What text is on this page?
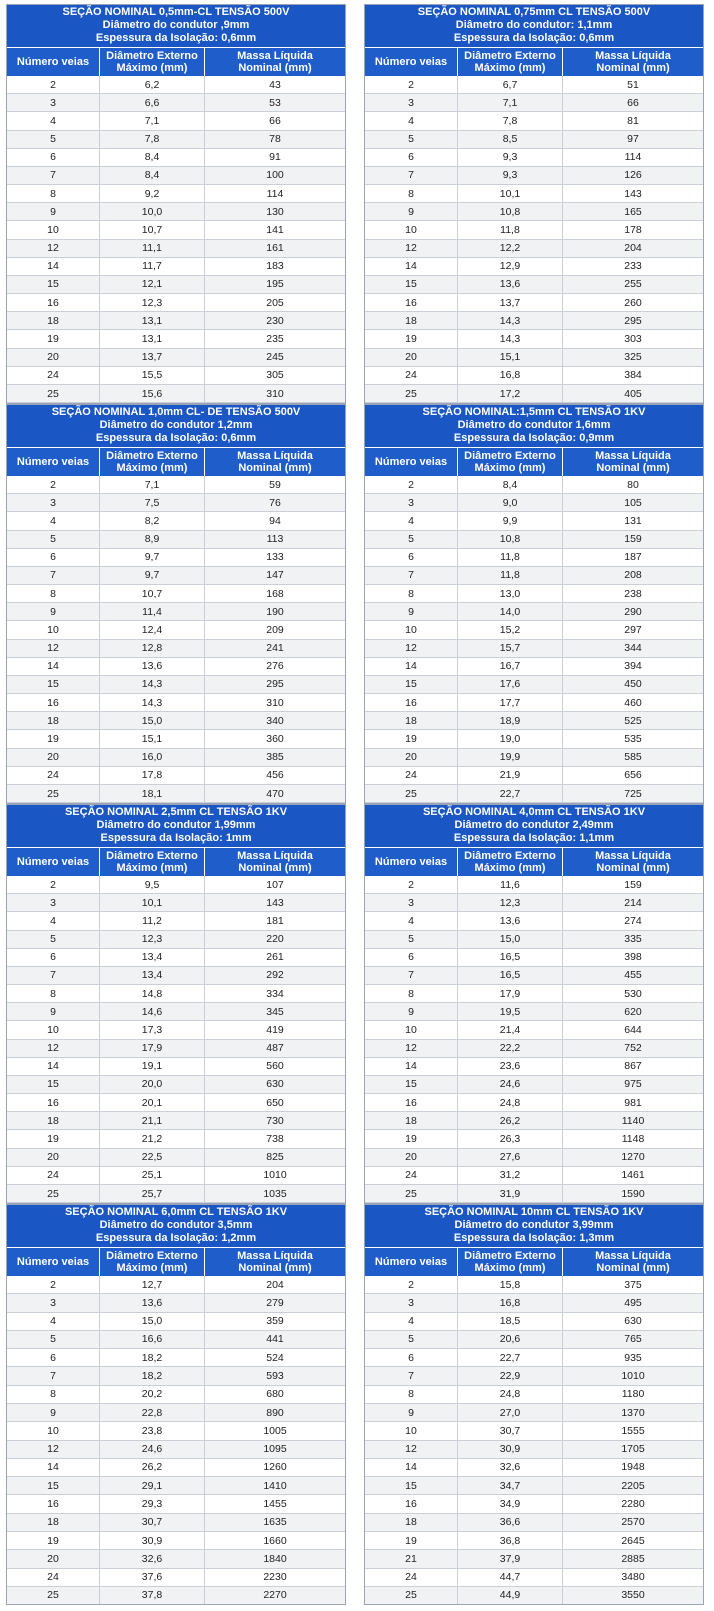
SEÇÃO NOMINAL 0,5mm-CL TENSÃO 500V
Diâmetro do condutor ,9mm
Espessura da Isolação: 0,6mm
Número veias	Diâmetro Externo
Máximo (mm)
Massa Líquida
Nominal (mm)
2	6,2	43
3	6,6	53
4	7,1	66
5	7,8	78
6	8,4	91
7	8,4	100
8	9,2	114
9	10,0	130
10	10,7	141
12	11,1	161
14	11,7	183
15	12,1	195
16	12,3	205
18	13,1	230
19	13,1	235
20	13,7	245
24	15,5	305
25	15,6	310
SEÇÃO NOMINAL 0,75mm CL TENSÃO 500V
Diâmetro do condutor: 1,1mm
Espessura da Isolação: 0,6mm
Número veias	Diâmetro Externo
Máximo (mm)
Massa Líquida
Nominal (mm)
2	6,7	51
3	7,1	66
4	7,8	81
5	8,5	97
6	9,3	114
7	9,3	126
8	10,1	143
9	10,8	165
10	11,8	178
12	12,2	204
14	12,9	233
15	13,6	255
16	13,7	260
18	14,3	295
19	14,3	303
20	15,1	325
24	16,8	384
25	17,2	405
SEÇÃO NOMINAL 1,0mm CL- DE TENSÃO 500V
Diâmetro do condutor 1,2mm
Espessura da Isolação: 0,6mm
Número veias	Diâmetro Externo
Máximo (mm)
Massa Líquida
Nominal (mm)
2	7,1	59
3	7,5	76
4	8,2	94
5	8,9	113
6	9,7	133
7	9,7	147
8	10,7	168
9	11,4	190
10	12,4	209
12	12,8	241
14	13,6	276
15	14,3	295
16	14,3	310
18	15,0	340
19	15,1	360
20	16,0	385
24	17,8	456
25	18,1	470
SEÇÃO NOMINAL:1,5mm CL TENSÃO 1KV
Diâmetro do condutor 1,6mm
Espessura da Isolação: 0,9mm
Número veias	Diâmetro Externo
Máximo (mm)
Massa Líquida
Nominal (mm)
2	8,4	80
3	9,0	105
4	9,9	131
5	10,8	159
6	11,8	187
7	11,8	208
8	13,0	238
9	14,0	290
10	15,2	297
12	15,7	344
14	16,7	394
15	17,6	450
16	17,7	460
18	18,9	525
19	19,0	535
20	19,9	585
24	21,9	656
25	22,7	725
SEÇÃO NOMINAL 2,5mm CL TENSÃO 1KV
Diâmetro do condutor 1,99mm
Espessura da Isolação: 1mm
Número veias	Diâmetro Externo
Máximo (mm)
Massa Líquida
Nominal (mm)
2	9,5	107
3	10,1	143
4	11,2	181
5	12,3	220
6	13,4	261
7	13,4	292
8	14,8	334
9	14,6	345
10	17,3	419
12	17,9	487
14	19,1	560
15	20,0	630
16	20,1	650
18	21,1	730
19	21,2	738
20	22,5	825
24	25,1	1010
25	25,7	1035
SEÇÃO NOMINAL 4,0mm CL TENSÃO 1KV
Diâmetro do condutor 2,49mm
Espessura da Isolação: 1,1mm
Número veias	Diâmetro Externo
Máximo (mm)
Massa Líquida
Nominal (mm)
2	11,6	159
3	12,3	214
4	13,6	274
5	15,0	335
6	16,5	398
7	16,5	455
8	17,9	530
9	19,5	620
10	21,4	644
12	22,2	752
14	23,6	867
15	24,6	975
16	24,8	981
18	26,2	1140
19	26,3	1148
20	27,6	1270
24	31,2	1461
25	31,9	1590
SEÇÃO NOMINAL 6,0mm CL TENSÃO 1KV
Diâmetro do condutor 3,5mm
Espessura da Isolação: 1,2mm
Número veias	Diâmetro Externo
Máximo (mm)
Massa Líquida
Nominal (mm)
2	12,7	204
3	13,6	279
4	15,0	359
5	16,6	441
6	18,2	524
7	18,2	593
8	20,2	680
9	22,8	890
10	23,8	1005
12	24,6	1095
14	26,2	1260
15	29,1	1410
16	29,3	1455
18	30,7	1635
19	30,9	1660
20	32,6	1840
24	37,6	2230
25	37,8	2270
SEÇÃO NOMINAL 10mm CL TENSÃO 1KV
Diâmetro do condutor 3,99mm
Espessura da Isolação: 1,3mm
Número veias	Diâmetro Externo
Máximo (mm)
Massa Líquida
Nominal (mm)
2	15,8	375
3	16,8	495
4	18,5	630
5	20,6	765
6	22,7	935
7	22,9	1010
8	24,8	1180
9	27,0	1370
10	30,7	1555
12	30,9	1705
14	32,6	1948
15	34,7	2205
16	34,9	2280
18	36,6	2570
19	36,8	2645
21	37,9	2885
24	44,7	3480
25	44,9	3550
